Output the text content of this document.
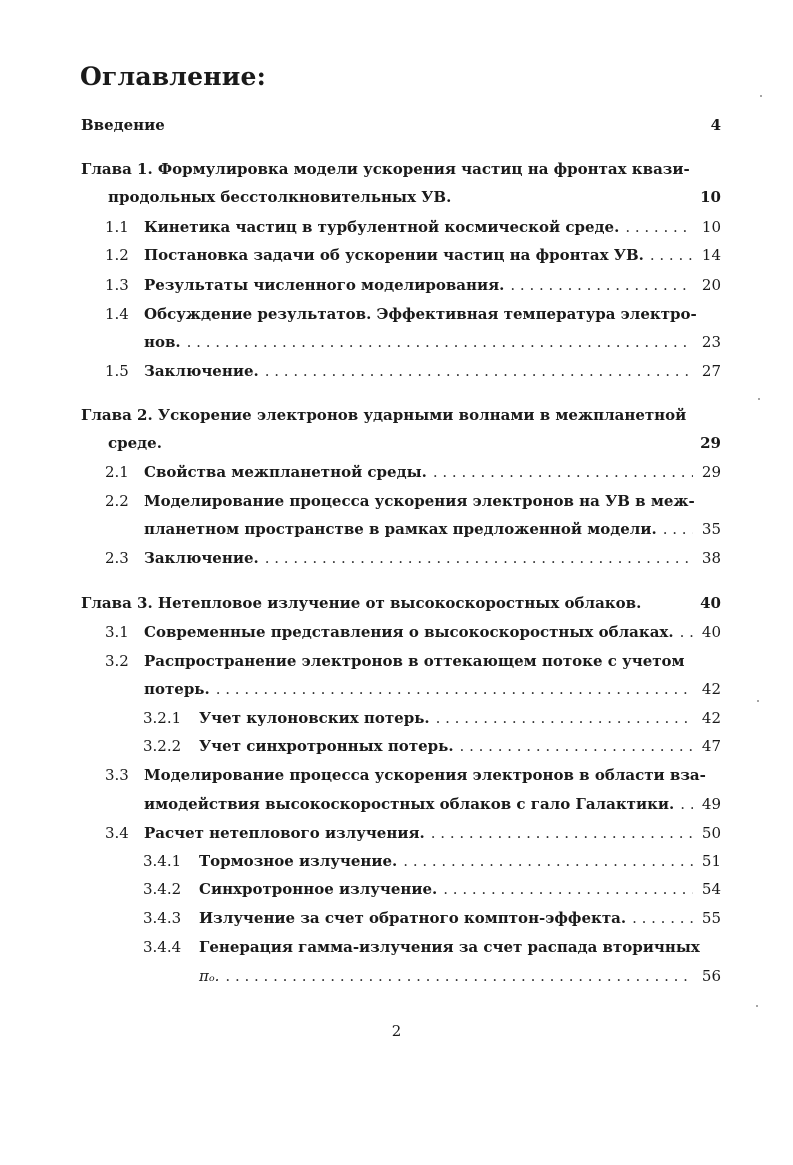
Оглавление:
Введение	4
Глава 1. Формулировка модели ускорения частиц на фронтах квази-
продольных бесстолкновительных УВ.	10
1.1 Кинетика частиц в турбулентной космической среде. . . .	10
1.2 Постановка задачи об ускорении частиц на фронтах УВ. . . .	14
1.3 Результаты численного моделирования. . . .	20
1.4 Обсуждение результатов. Эффективная температура электро-
нов. . . .	23
1.5 Заключение. . . .	27
Глава 2. Ускорение электронов ударными волнами в межпланетной
среде.	29
2.1 Свойства межпланетной среды. . . .	29
2.2 Моделирование процесса ускорения электронов на УВ в меж-
планетном пространстве в рамках предложенной модели. . . .	35
2.3 Заключение. . . .	38
Глава 3. Нетепловое излучение от высокоскоростных облаков.	40
3.1 Современные представления о высокоскоростных облаках. . . . 40
3.2 Распространение электронов в оттекающем потоке с учетом
потерь. . . .	42
3.2.1 Учет кулоновских потерь. . . .	42
3.2.2 Учет синхротронных потерь. . . .	47
3.3 Моделирование процесса ускорения электронов в области вза-
имодействия высокоскоростных облаков с гало Галактики. . . . 49
3.4 Расчет нетеплового излучения. . . .	50
3.4.1 Тормозное излучение. . . .	51
3.4.2 Синхротронное излучение. . . .	54
3.4.3 Излучение за счет обратного комптон-эффекта. . . .	55
3.4.4 Генерация гамма-излучения за счет распада вторичных
πₒ. . . .	56
2
